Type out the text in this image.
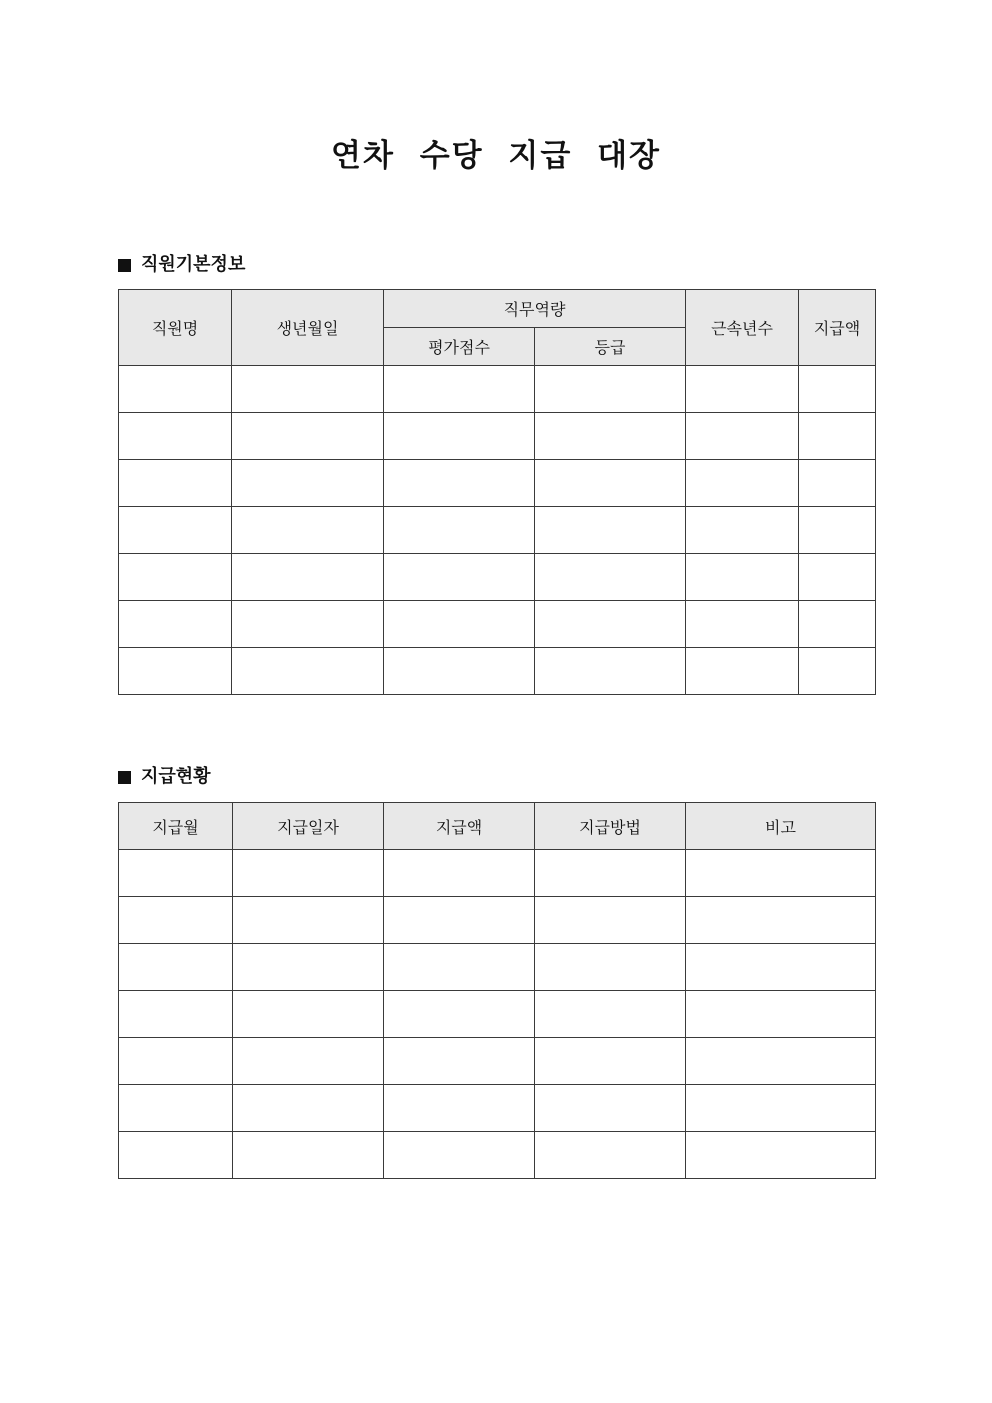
연차 수당 지급 대장
직원기본정보
직원명	생년월일	직무역량		근속년수	지급액
		평가점수	등급		

지급현황
지급월	지급일자	지급액	지급방법	비고
